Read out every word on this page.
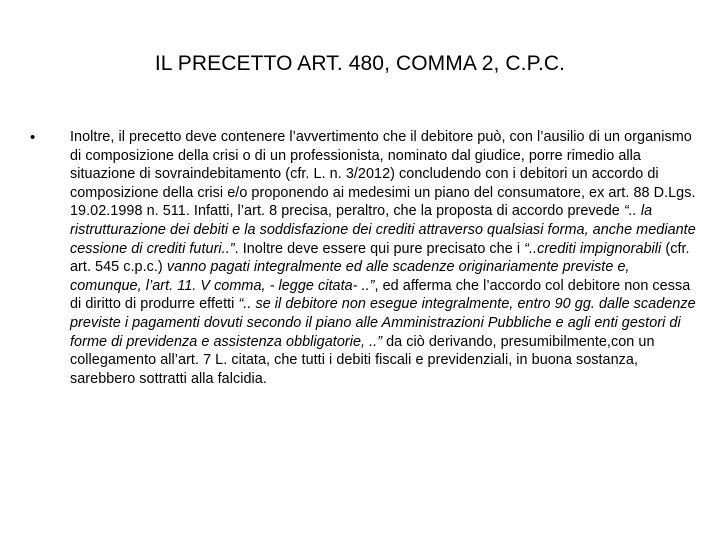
IL PRECETTO ART. 480, COMMA 2, C.P.C.
•	Inoltre, il precetto deve contenere l’avvertimento che il debitore può, con l’ausilio di un organismo di composizione della crisi o di un professionista, nominato dal giudice, porre rimedio alla situazione di sovraindebitamento (cfr. L. n. 3/2012) concludendo con i debitori un accordo di composizione della crisi e/o proponendo ai medesimi un piano del consumatore, ex art. 88 D.Lgs. 19.02.1998 n. 511. Infatti, l’art. 8 precisa, peraltro, che la proposta di accordo prevede “.. la ristrutturazione dei debiti e la soddisfazione dei crediti attraverso qualsiasi forma, anche mediante cessione di crediti futuri..”. Inoltre deve essere qui pure precisato che i “..crediti impignorabili (cfr. art. 545 c.p.c.) vanno pagati integralmente ed alle scadenze originariamente previste e, comunque, l’art. 11. V comma, - legge citata- ..”, ed afferma che l’accordo col debitore non cessa di diritto di produrre effetti “.. se il debitore non esegue integralmente, entro 90 gg. dalle scadenze previste i pagamenti dovuti secondo il piano alle Amministrazioni Pubbliche e agli enti gestori di forme di previdenza e assistenza obbligatorie, ..” da ciò derivando, presumibilmente,con un collegamento all’art. 7 L. citata, che tutti i debiti fiscali e previdenziali, in buona sostanza, sarebbero sottratti alla falcidia.
